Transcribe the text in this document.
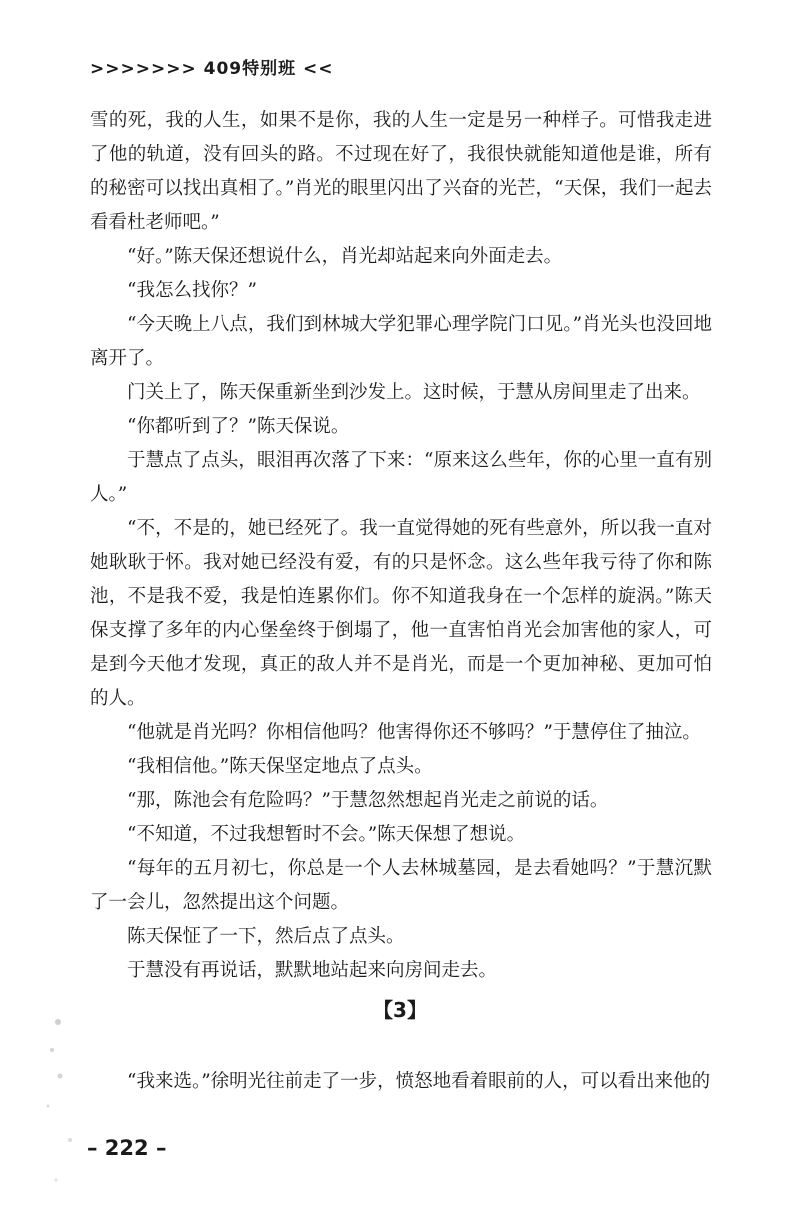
>>>>>>> 409特别班 <<

雪的死，我的人生，如果不是你，我的人生一定是另一种样子。可惜我走进了他的轨道，没有回头的路。不过现在好了，我很快就能知道他是谁，所有的秘密可以找出真相了。”肖光的眼里闪出了兴奋的光芒，“天保，我们一起去看看杜老师吧。”

“好。”陈天保还想说什么，肖光却站起来向外面走去。

“我怎么找你？”

“今天晚上八点，我们到林城大学犯罪心理学院门口见。”肖光头也没回地离开了。

门关上了，陈天保重新坐到沙发上。这时候，于慧从房间里走了出来。

“你都听到了？”陈天保说。

于慧点了点头，眼泪再次落了下来：“原来这么些年，你的心里一直有别人。”

“不，不是的，她已经死了。我一直觉得她的死有些意外，所以我一直对她耿耿于怀。我对她已经没有爱，有的只是怀念。这么些年我亏待了你和陈池，不是我不爱，我是怕连累你们。你不知道我身在一个怎样的旋涡。”陈天保支撑了多年的内心堡垒终于倒塌了，他一直害怕肖光会加害他的家人，可是到今天他才发现，真正的敌人并不是肖光，而是一个更加神秘、更加可怕的人。

“他就是肖光吗？你相信他吗？他害得你还不够吗？”于慧停住了抽泣。

“我相信他。”陈天保坚定地点了点头。

“那，陈池会有危险吗？”于慧忽然想起肖光走之前说的话。

“不知道，不过我想暂时不会。”陈天保想了想说。

“每年的五月初七，你总是一个人去林城墓园，是去看她吗？”于慧沉默了一会儿，忽然提出这个问题。

陈天保怔了一下，然后点了点头。

于慧没有再说话，默默地站起来向房间走去。

【3】

“我来选。”徐明光往前走了一步，愤怒地看着眼前的人，可以看出来他的

– 222 –
